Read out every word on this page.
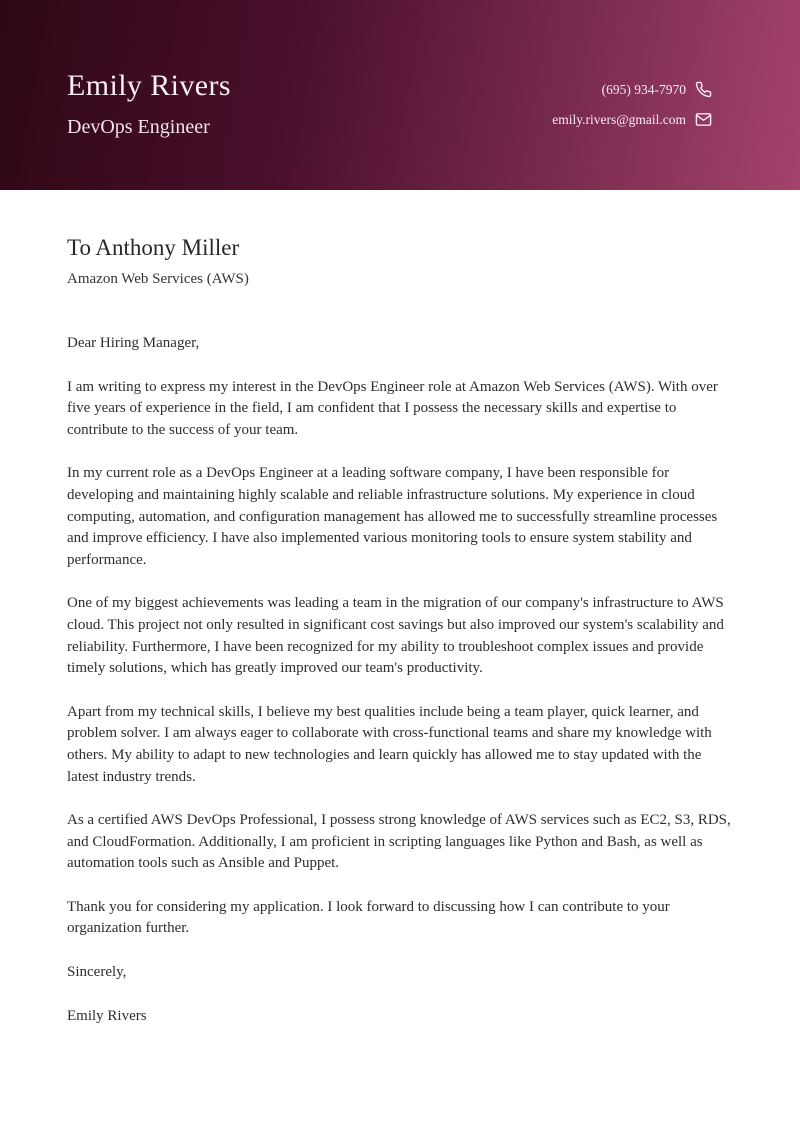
Emily Rivers
DevOps Engineer
(695) 934-7970
emily.rivers@gmail.com
To Anthony Miller
Amazon Web Services (AWS)

Dear Hiring Manager,

I am writing to express my interest in the DevOps Engineer role at Amazon Web Services (AWS). With over five years of experience in the field, I am confident that I possess the necessary skills and expertise to contribute to the success of your team.

In my current role as a DevOps Engineer at a leading software company, I have been responsible for developing and maintaining highly scalable and reliable infrastructure solutions. My experience in cloud computing, automation, and configuration management has allowed me to successfully streamline processes and improve efficiency. I have also implemented various monitoring tools to ensure system stability and performance.

One of my biggest achievements was leading a team in the migration of our company's infrastructure to AWS cloud. This project not only resulted in significant cost savings but also improved our system's scalability and reliability. Furthermore, I have been recognized for my ability to troubleshoot complex issues and provide timely solutions, which has greatly improved our team's productivity.

Apart from my technical skills, I believe my best qualities include being a team player, quick learner, and problem solver. I am always eager to collaborate with cross-functional teams and share my knowledge with others. My ability to adapt to new technologies and learn quickly has allowed me to stay updated with the latest industry trends.

As a certified AWS DevOps Professional, I possess strong knowledge of AWS services such as EC2, S3, RDS, and CloudFormation. Additionally, I am proficient in scripting languages like Python and Bash, as well as automation tools such as Ansible and Puppet.

Thank you for considering my application. I look forward to discussing how I can contribute to your organization further.

Sincerely,

Emily Rivers
